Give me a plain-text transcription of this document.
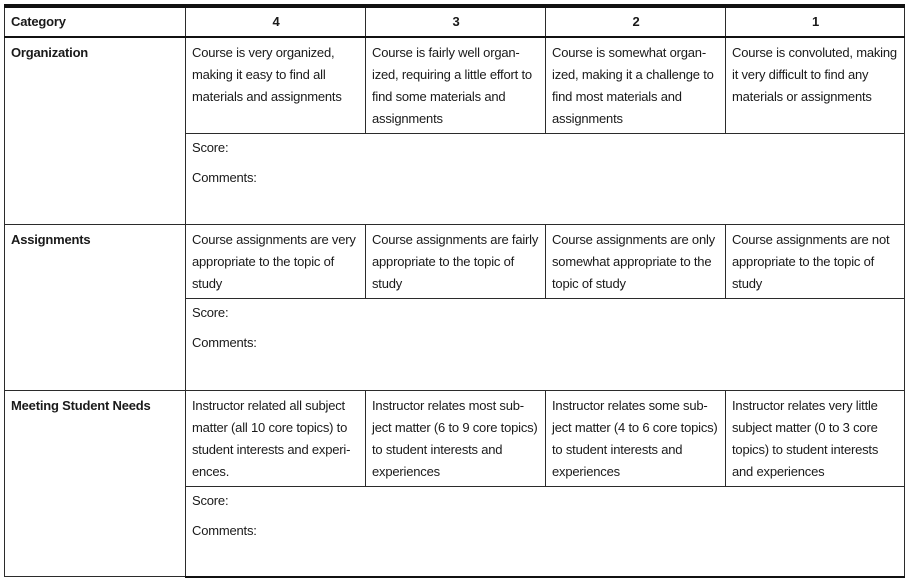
Category	4	3	2	1
Organization	Course is very organized, making it easy to find all materials and assignments	Course is fairly well organ-ized, requiring a little effort to find some materials and assignments	Course is somewhat organ-ized, making it a challenge to find most materials and assignments	Course is convoluted, making it very difficult to find any materials or assignments

	Score:
Comments:			

Assignments	Course assignments are very appropriate to the topic of study	Course assignments are fairly appropriate to the topic of study	Course assignments are only somewhat appropriate to the topic of study	Course assignments are not appropriate to the topic of study

	Score:
Comments:			

Meeting Student Needs	Instructor related all subject matter (all 10 core topics) to student interests and experi-ences.	Instructor relates most sub-ject matter (6 to 9 core topics) to student interests and experiences	Instructor relates some sub-ject matter (4 to 6 core topics) to student interests and experiences	Instructor relates very little subject matter (0 to 3 core topics) to student interests and experiences

	Score:
Comments:			
